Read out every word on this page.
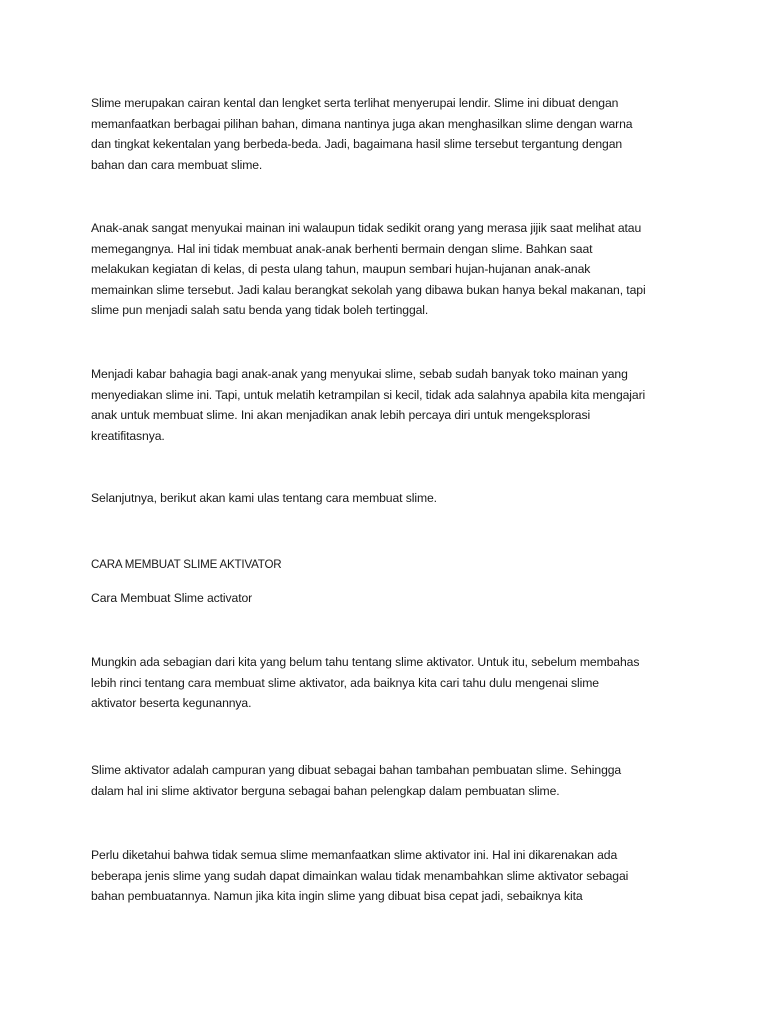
Slime merupakan cairan kental dan lengket serta terlihat menyerupai lendir. Slime ini dibuat dengan
memanfaatkan berbagai pilihan bahan, dimana nantinya juga akan menghasilkan slime dengan warna
dan tingkat kekentalan yang berbeda-beda. Jadi, bagaimana hasil slime tersebut tergantung dengan
bahan dan cara membuat slime.
Anak-anak sangat menyukai mainan ini walaupun tidak sedikit orang yang merasa jijik saat melihat atau
memegangnya. Hal ini tidak membuat anak-anak berhenti bermain dengan slime. Bahkan saat
melakukan kegiatan di kelas, di pesta ulang tahun, maupun sembari hujan-hujanan anak-anak
memainkan slime tersebut. Jadi kalau berangkat sekolah yang dibawa bukan hanya bekal makanan, tapi
slime pun menjadi salah satu benda yang tidak boleh tertinggal.
Menjadi kabar bahagia bagi anak-anak yang menyukai slime, sebab sudah banyak toko mainan yang
menyediakan slime ini. Tapi, untuk melatih ketrampilan si kecil, tidak ada salahnya apabila kita mengajari
anak untuk membuat slime. Ini akan menjadikan anak lebih percaya diri untuk mengeksplorasi
kreatifitasnya.
Selanjutnya, berikut akan kami ulas tentang cara membuat slime.
CARA MEMBUAT SLIME AKTIVATOR
Cara Membuat Slime activator
Mungkin ada sebagian dari kita yang belum tahu tentang slime aktivator. Untuk itu, sebelum membahas
lebih rinci tentang cara membuat slime aktivator, ada baiknya kita cari tahu dulu mengenai slime
aktivator beserta kegunannya.
Slime aktivator adalah campuran yang dibuat sebagai bahan tambahan pembuatan slime. Sehingga
dalam hal ini slime aktivator berguna sebagai bahan pelengkap dalam pembuatan slime.
Perlu diketahui bahwa tidak semua slime memanfaatkan slime aktivator ini. Hal ini dikarenakan ada
beberapa jenis slime yang sudah dapat dimainkan walau tidak menambahkan slime aktivator sebagai
bahan pembuatannya. Namun jika kita ingin slime yang dibuat bisa cepat jadi, sebaiknya kita
